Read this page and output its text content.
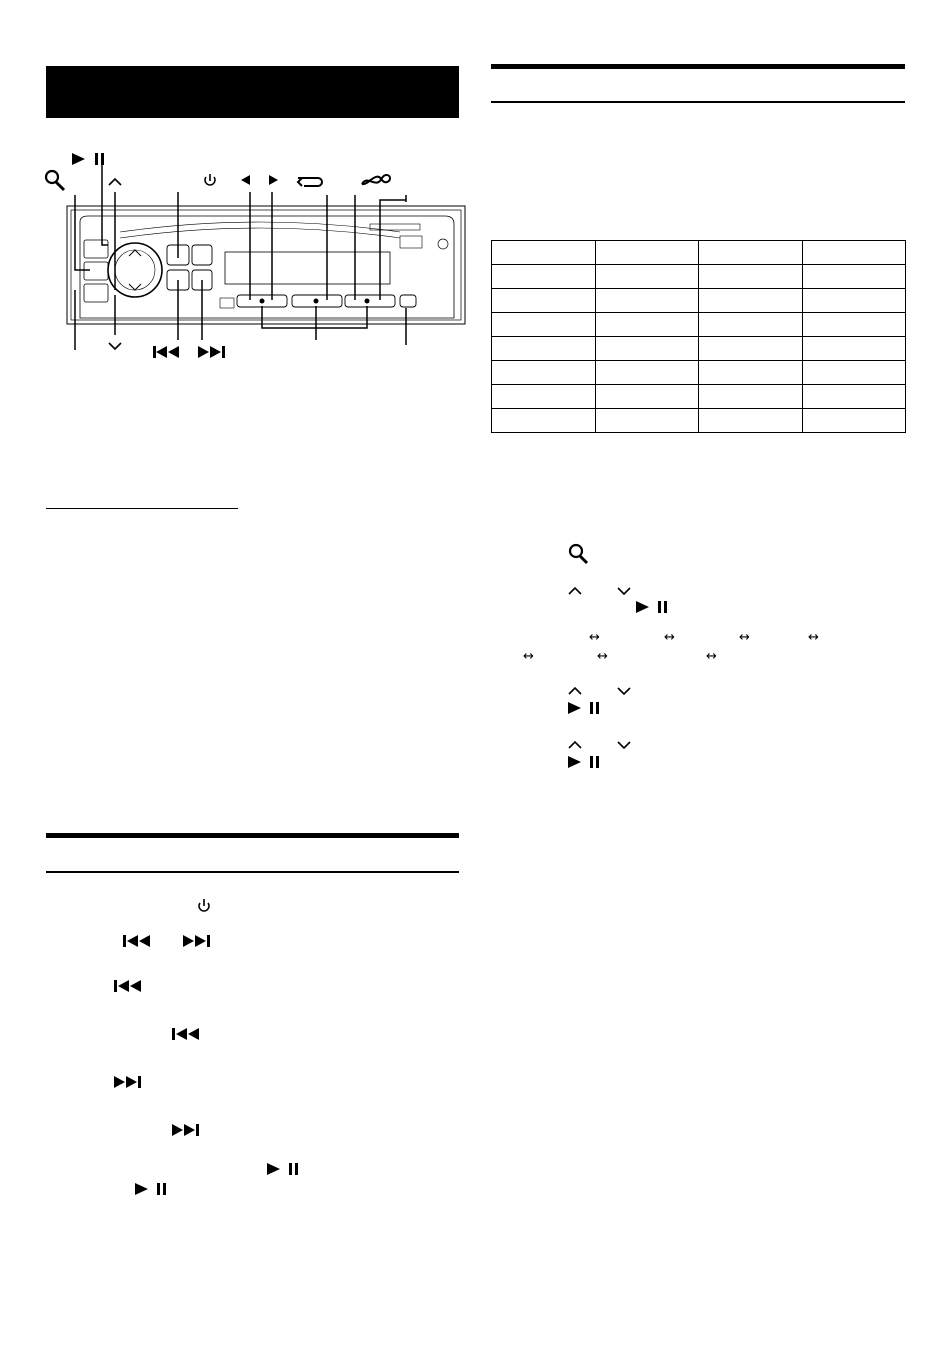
↔	↔	↔	↔
↔	↔	↔
